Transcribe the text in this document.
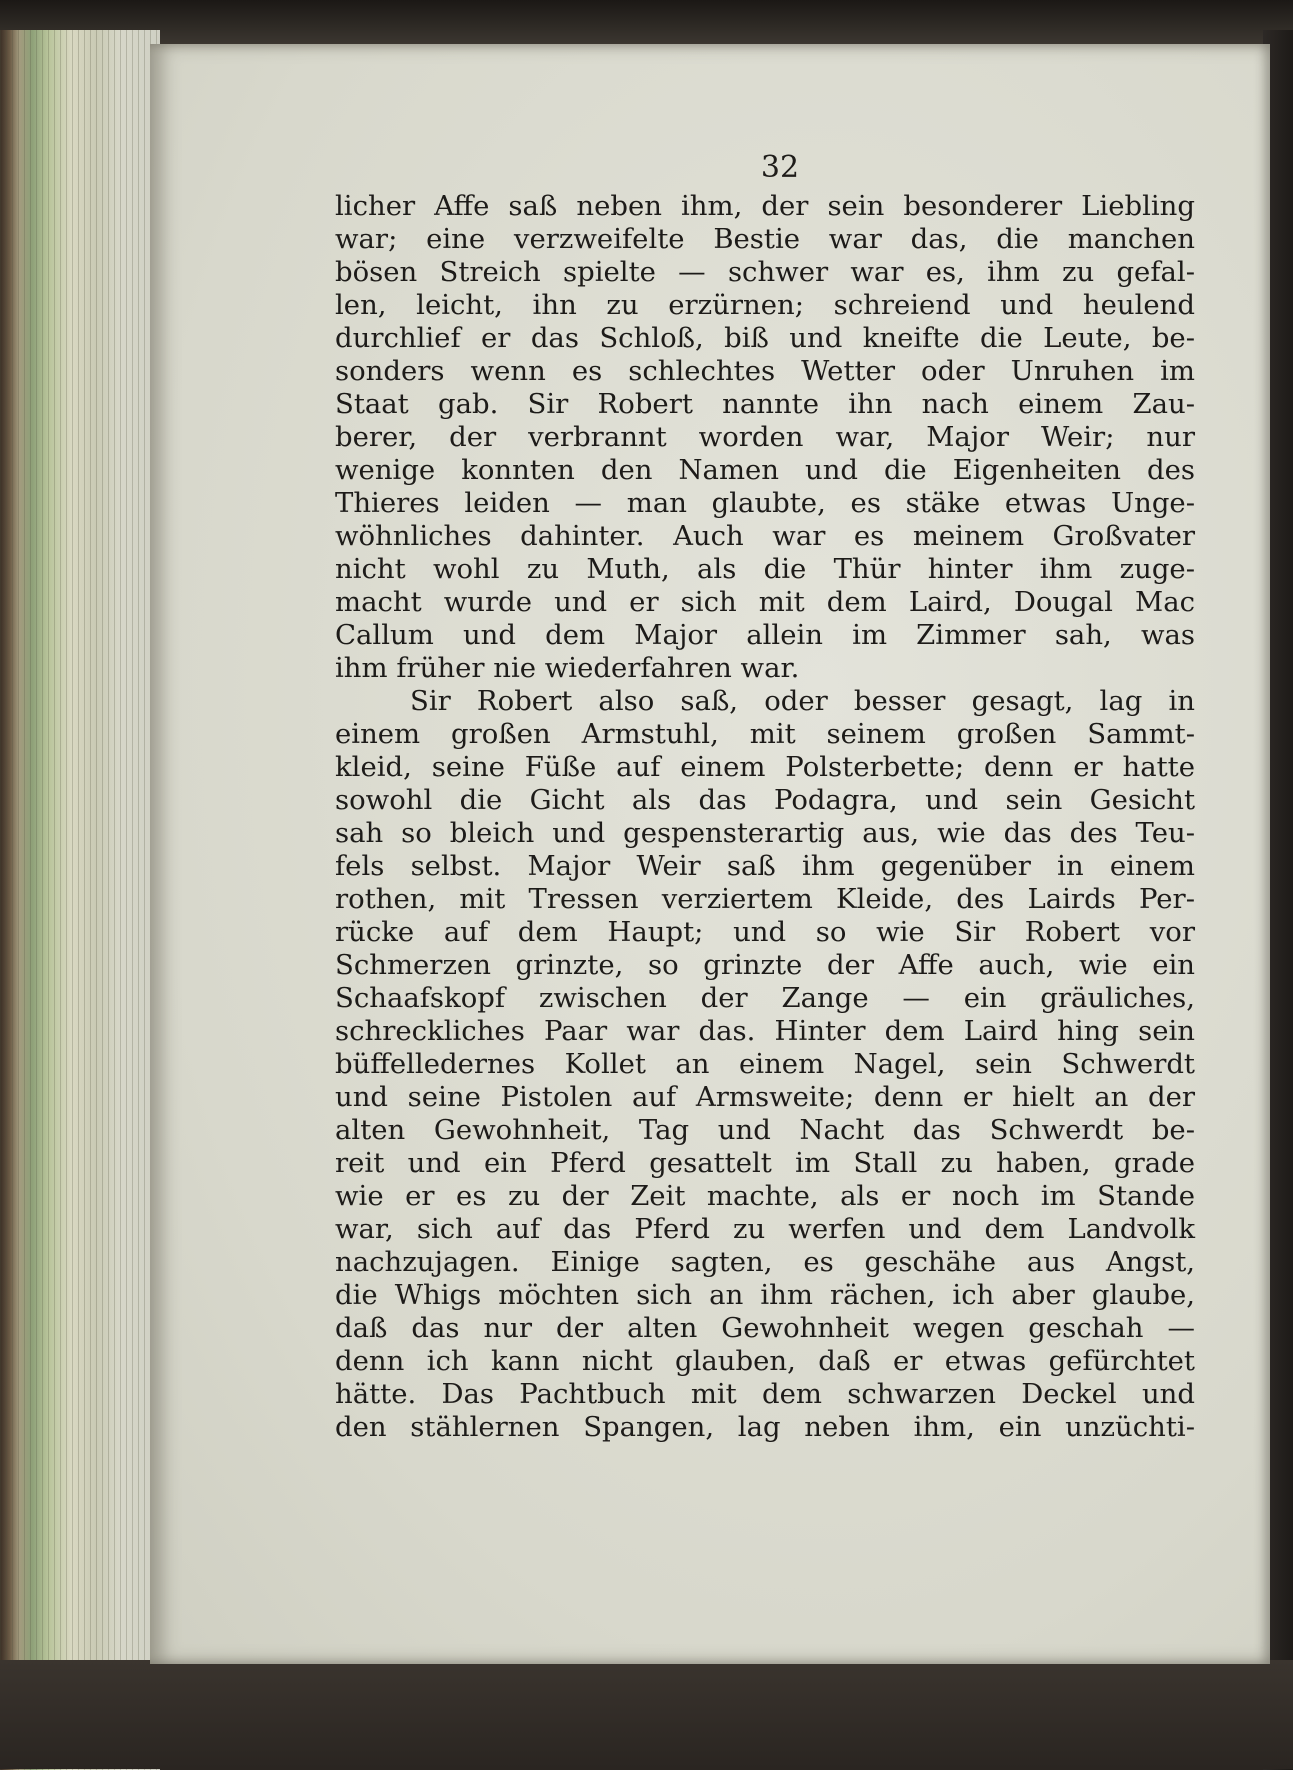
32
licher Affe saß neben ihm, der sein besonderer Liebling
war; eine verzweifelte Bestie war das, die manchen
bösen Streich spielte — schwer war es, ihm zu gefal-
len, leicht, ihn zu erzürnen; schreiend und heulend
durchlief er das Schloß, biß und kneifte die Leute, be-
sonders wenn es schlechtes Wetter oder Unruhen im
Staat gab. Sir Robert nannte ihn nach einem Zau-
berer, der verbrannt worden war, Major Weir; nur
wenige konnten den Namen und die Eigenheiten des
Thieres leiden — man glaubte, es stäke etwas Unge-
wöhnliches dahinter. Auch war es meinem Großvater
nicht wohl zu Muth, als die Thür hinter ihm zuge-
macht wurde und er sich mit dem Laird, Dougal Mac
Callum und dem Major allein im Zimmer sah, was
ihm früher nie wiederfahren war.
Sir Robert also saß, oder besser gesagt, lag in
einem großen Armstuhl, mit seinem großen Sammt-
kleid, seine Füße auf einem Polsterbette; denn er hatte
sowohl die Gicht als das Podagra, und sein Gesicht
sah so bleich und gespensterartig aus, wie das des Teu-
fels selbst. Major Weir saß ihm gegenüber in einem
rothen, mit Tressen verziertem Kleide, des Lairds Per-
rücke auf dem Haupt; und so wie Sir Robert vor
Schmerzen grinzte, so grinzte der Affe auch, wie ein
Schaafskopf zwischen der Zange — ein gräuliches,
schreckliches Paar war das. Hinter dem Laird hing sein
büffelledernes Kollet an einem Nagel, sein Schwerdt
und seine Pistolen auf Armsweite; denn er hielt an der
alten Gewohnheit, Tag und Nacht das Schwerdt be-
reit und ein Pferd gesattelt im Stall zu haben, grade
wie er es zu der Zeit machte, als er noch im Stande
war, sich auf das Pferd zu werfen und dem Landvolk
nachzujagen. Einige sagten, es geschähe aus Angst,
die Whigs möchten sich an ihm rächen, ich aber glaube,
daß das nur der alten Gewohnheit wegen geschah —
denn ich kann nicht glauben, daß er etwas gefürchtet
hätte. Das Pachtbuch mit dem schwarzen Deckel und
den stählernen Spangen, lag neben ihm, ein unzüchti-
